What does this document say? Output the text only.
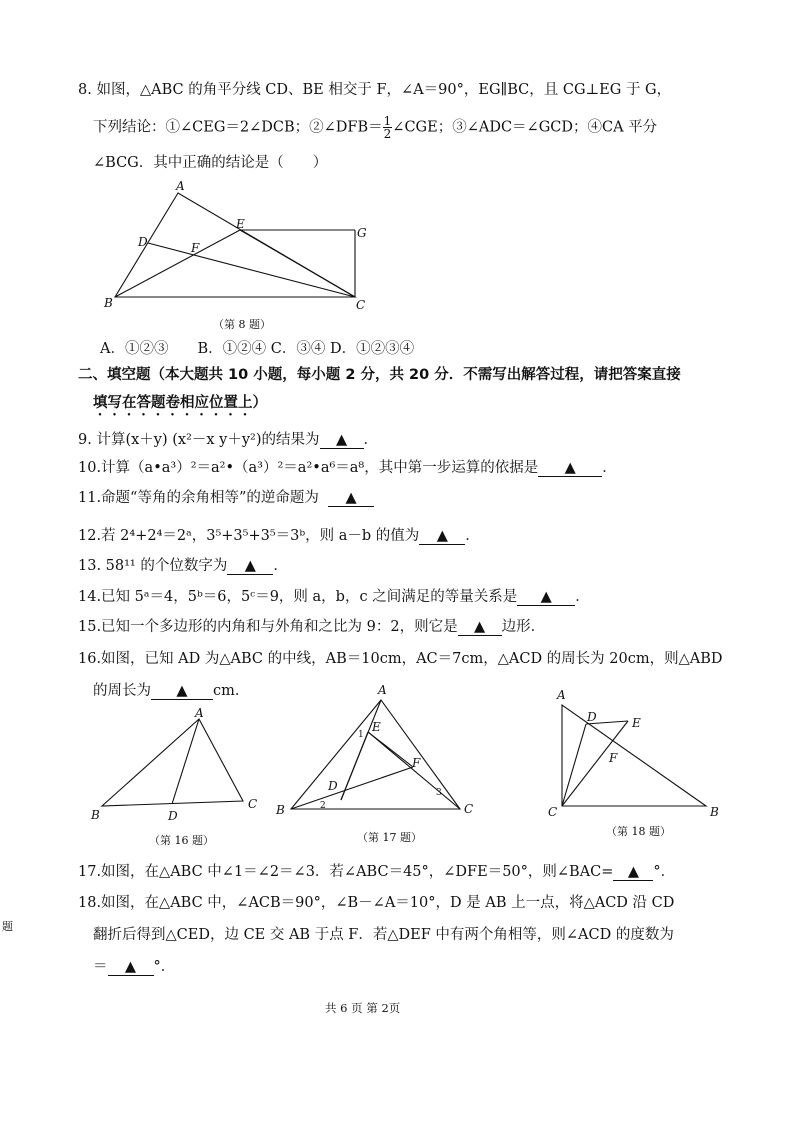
8. 如图，△ABC 的角平分线 CD、BE 相交于 F，∠A＝90°，EG∥BC，且 CG⊥EG 于 G，
下列结论：①∠CEG＝2∠DCB；②∠DFB＝ $\frac{1}{2}$ ∠CGE；③∠ADC＝∠GCD；④CA 平分
∠BCG．其中正确的结论是（　　）
A
B	C
D
E
F
G
（第 8 题）
A．①②③　　B．①②④ C．③④ D．①②③④
二、填空题（本大题共 10 小题，每小题 2 分，共 20 分．不需写出解答过程，请把答案直接
填写在答题卷相应位置上）
9. 计算(x＋y) (x²－x y＋y²)的结果为 ▲ ．
10.计算（a•a³）²＝a²•（a³）²＝a²•a⁶＝a⁸，其中第一步运算的依据是 ▲ ．
11.命题“等角的余角相等”的逆命题为 ▲
12.若 2⁴+2⁴＝2ᵃ，3⁵+3⁵+3⁵＝3ᵇ，则 a－b 的值为 ▲ ．
13. 58¹¹ 的个位数字为 ▲ ．
14.已知 5ᵃ＝4，5ᵇ＝6，5ᶜ＝9，则 a，b，c 之间满足的等量关系是 ▲ ．
15.已知一个多边形的内角和与外角和之比为 9：2，则它是 ▲ 边形．
16.如图，已知 AD 为△ABC 的中线，AB＝10cm，AC＝7cm，△ACD 的周长为 20cm，则△ABD
的周长为 ▲ cm．
A
B
C
D
A
B	C
D
E
F
1
2
3
A
B
C
D	E
F
（第 16 题）	（第 17 题）	（第 18 题）
17.如图，在△ABC 中∠1＝∠2＝∠3．若∠ABC＝45°，∠DFE＝50°，则∠BAC= ▲ °．
18.如图，在△ABC 中，∠ACB＝90°，∠B－∠A＝10°，D 是 AB 上一点，将△ACD 沿 CD
翻折后得到△CED，边 CE 交 AB 于点 F．若△DEF 中有两个角相等，则∠ACD 的度数为
＝ ▲ °．
题
共 6 页 第 2页
